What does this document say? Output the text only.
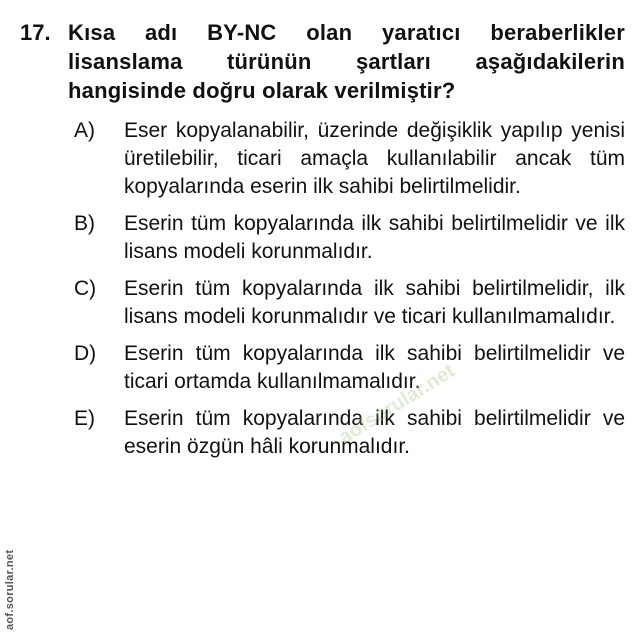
17. Kısa adı BY-NC olan yaratıcı beraberlikler lisanslama türünün şartları aşağıdakilerin hangisinde doğru olarak verilmiştir?
A)	Eser kopyalanabilir, üzerinde değişiklik yapılıp yenisi üretilebilir, ticari amaçla kullanılabilir ancak tüm kopyalarında eserin ilk sahibi belirtilmelidir.
B)	Eserin tüm kopyalarında ilk sahibi belirtilmelidir ve ilk lisans modeli korunmalıdır.
C)	Eserin tüm kopyalarında ilk sahibi belirtilmelidir, ilk lisans modeli korunmalıdır ve ticari kullanılmamalıdır.
D)	Eserin tüm kopyalarında ilk sahibi belirtilmelidir ve ticari ortamda kullanılmamalıdır.
E)	Eserin tüm kopyalarında ilk sahibi belirtilmelidir ve eserin özgün hâli korunmalıdır.
aof.sorular.net
aofsorular.net
